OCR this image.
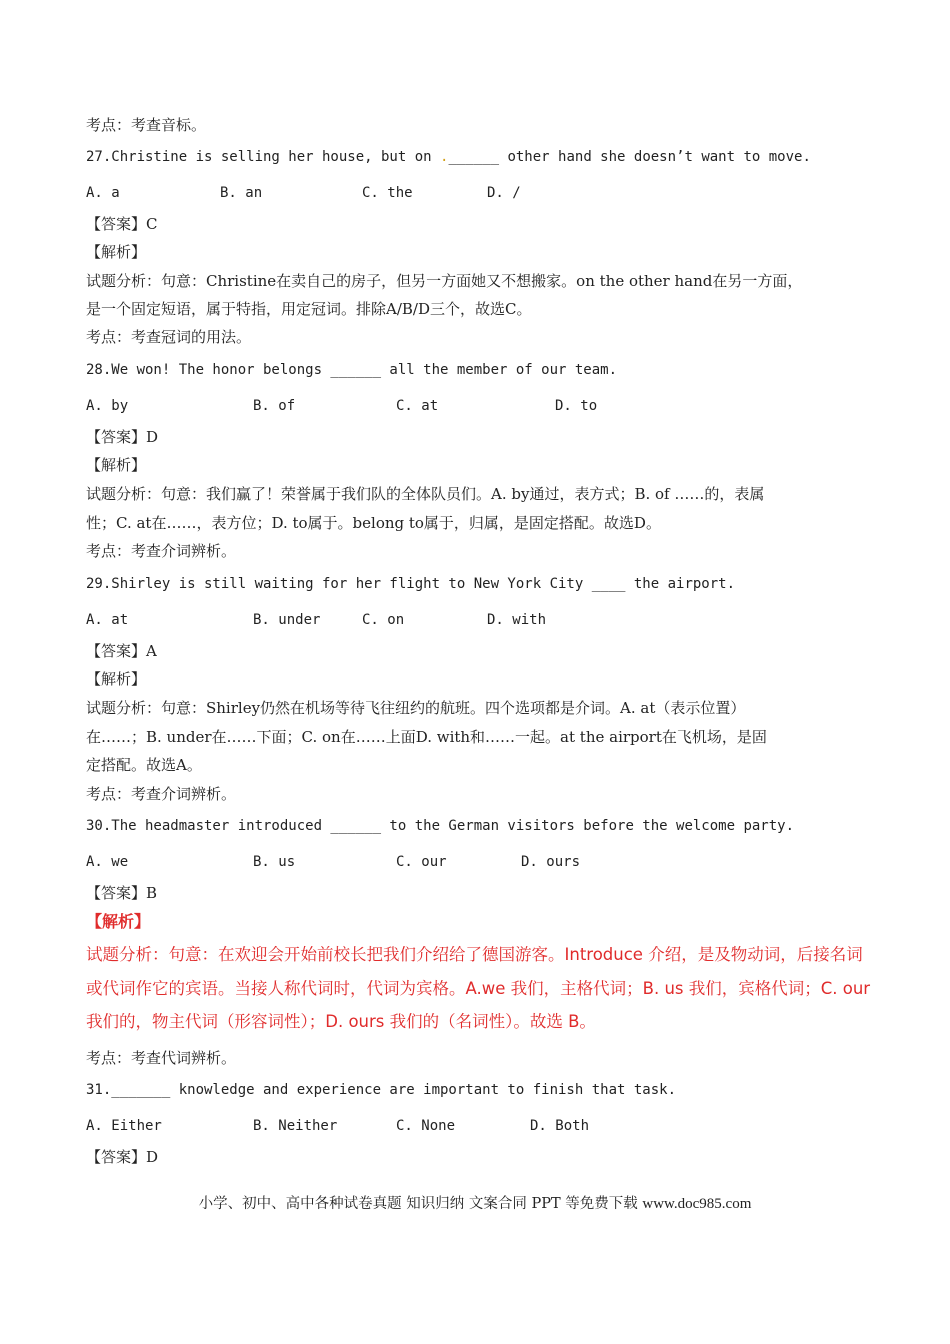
考点：考查音标。
27.Christine is selling her house, but on .______ other hand she doesn’t want to move.
A. a	B. an	C. the	D. /
【答案】C
【解析】
试题分析：句意：Christine在卖自己的房子，但另一方面她又不想搬家。on the other hand在另一方面，
是一个固定短语，属于特指，用定冠词。排除A/B/D三个，故选C。
考点：考查冠词的用法。
28.We won! The honor belongs ______ all the member of our team.
A. by	B. of	C. at	D. to
【答案】D
【解析】
试题分析：句意：我们赢了！荣誉属于我们队的全体队员们。A. by通过，表方式；B. of ……的，表属
性；C. at在……，表方位；D. to属于。belong to属于，归属，是固定搭配。故选D。
考点：考查介词辨析。
29.Shirley is still waiting for her flight to New York City ____ the airport.
A. at	B. under	C. on	D. with
【答案】A
【解析】
试题分析：句意：Shirley仍然在机场等待飞往纽约的航班。四个选项都是介词。A. at（表示位置）
在……；B. under在……下面；C. on在……上面D. with和……一起。at the airport在飞机场，是固
定搭配。故选A。
考点：考查介词辨析。
30.The headmaster introduced ______ to the German visitors before the welcome party.
A. we	B. us	C. our	D. ours
【答案】B
【解析】
试题分析：句意：在欢迎会开始前校长把我们介绍给了德国游客。Introduce 介绍，是及物动词，后接名词
或代词作它的宾语。当接人称代词时，代词为宾格。A.we 我们，主格代词；B. us 我们，宾格代词；C. our
我们的，物主代词（形容词性）；D. ours 我们的（名词性）。故选 B。
考点：考查代词辨析。
31._______ knowledge and experience are important to finish that task.
A. Either	B. Neither	C. None	D. Both
【答案】D
小学、初中、高中各种试卷真题 知识归纳 文案合同 PPT 等免费下载 www.doc985.com
